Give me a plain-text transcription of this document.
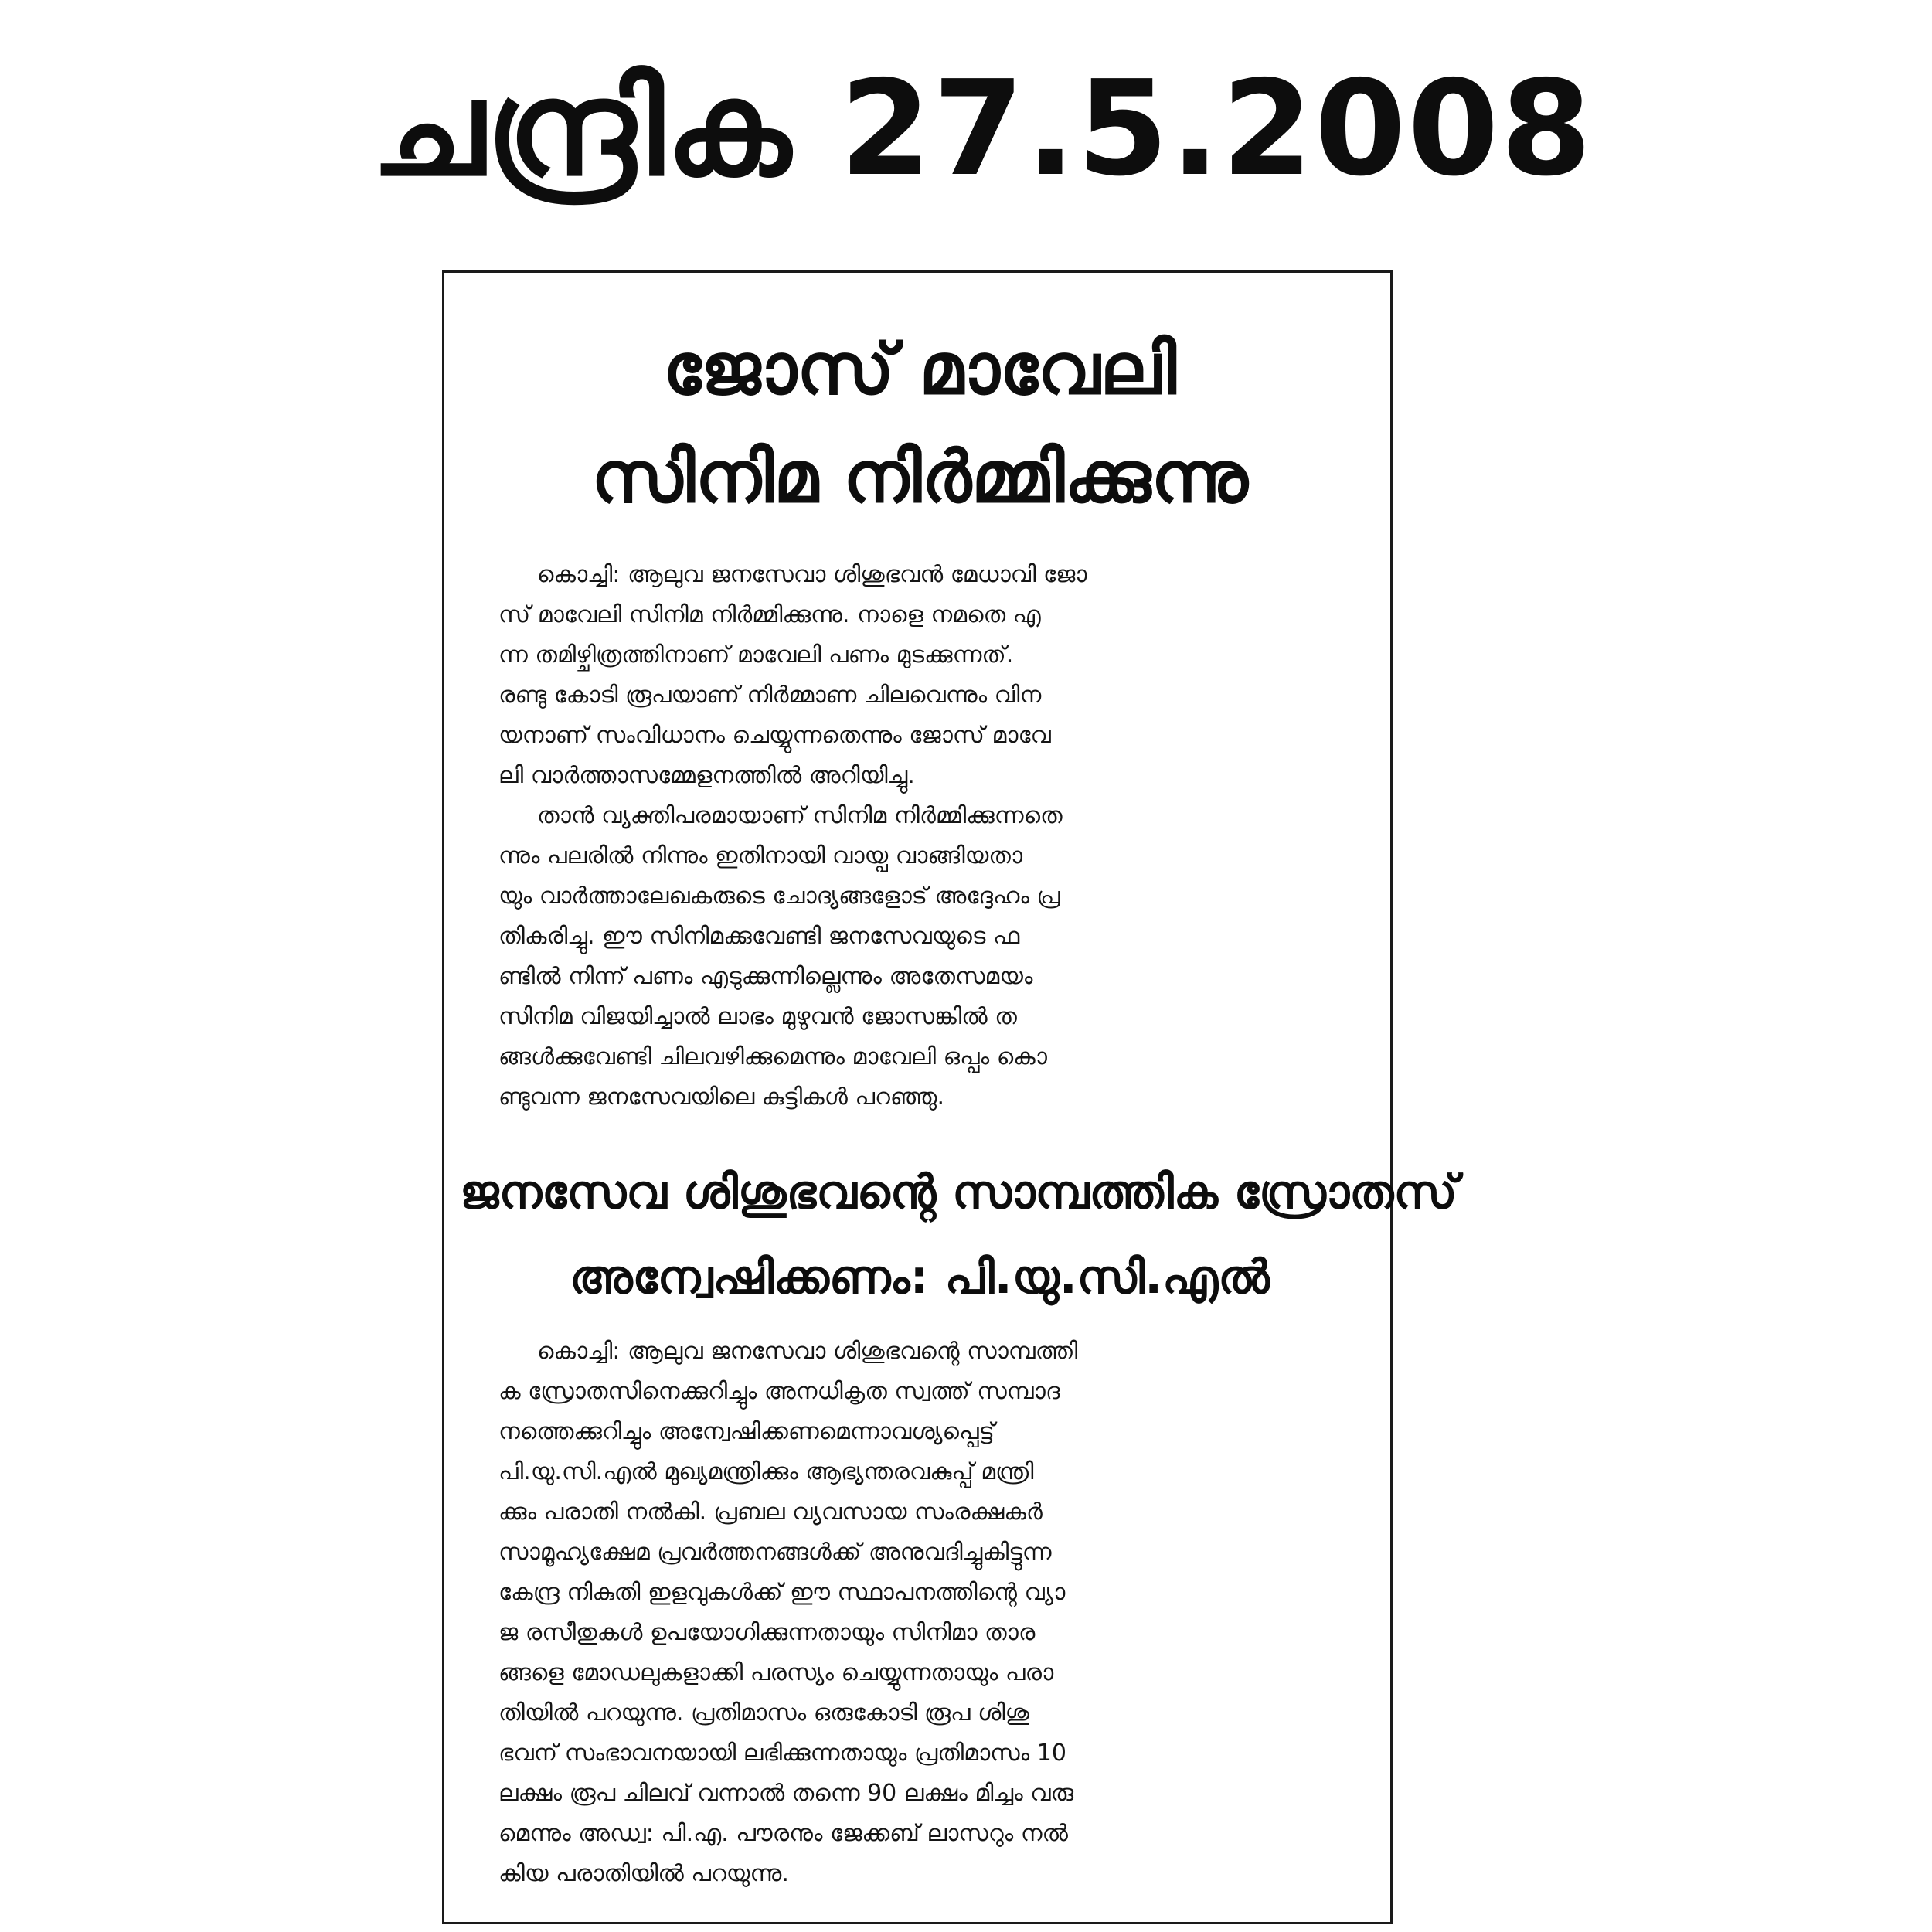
ചന്ദ്രിക 27.5.2008
ജോസ് മാവേലി
സിനിമ നിർമ്മിക്കുന്നു
കൊച്ചി: ആലുവ ജനസേവാ ശിശുഭവൻ മേധാവി ജോ
സ് മാവേലി സിനിമ നിർമ്മിക്കുന്നു. നാളെ നമതെ എ
ന്ന തമിഴ്ചിത്രത്തിനാണ് മാവേലി പണം മുടക്കുന്നത്.
രണ്ടു കോടി രൂപയാണ് നിർമ്മാണ ചിലവെന്നും വിന
യനാണ് സംവിധാനം ചെയ്യുന്നതെന്നും ജോസ് മാവേ
ലി വാർത്താസമ്മേളനത്തിൽ അറിയിച്ചു.
താൻ വ്യക്തിപരമായാണ് സിനിമ നിർമ്മിക്കുന്നതെ
ന്നും പലരിൽ നിന്നും ഇതിനായി വായ്പ വാങ്ങിയതാ
യും വാർത്താലേഖകരുടെ ചോദ്യങ്ങളോട് അദ്ദേഹം പ്ര
തികരിച്ചു. ഈ സിനിമക്കുവേണ്ടി ജനസേവയുടെ ഫ
ണ്ടിൽ നിന്ന് പണം എടുക്കുന്നില്ലെന്നും അതേസമയം
സിനിമ വിജയിച്ചാൽ ലാഭം മുഴുവൻ ജോസങ്കിൽ ത
ങ്ങൾക്കുവേണ്ടി ചിലവഴിക്കുമെന്നും മാവേലി ഒപ്പം കൊ
ണ്ടുവന്ന ജനസേവയിലെ കുട്ടികൾ പറഞ്ഞു.
ജനസേവ ശിശുഭവന്റെ സാമ്പത്തിക സ്രോതസ്
അന്വേഷിക്കണം: പി.യു.സി.എൽ
കൊച്ചി: ആലുവ ജനസേവാ ശിശുഭവന്റെ സാമ്പത്തി
ക സ്രോതസിനെക്കുറിച്ചും അനധികൃത സ്വത്ത് സമ്പാദ
നത്തെക്കുറിച്ചും അന്വേഷിക്കണമെന്നാവശ്യപ്പെട്ട്
പി.യു.സി.എൽ മുഖ്യമന്ത്രിക്കും ആഭ്യന്തരവകുപ്പ് മന്ത്രി
ക്കും പരാതി നൽകി. പ്രബല വ്യവസായ സംരക്ഷകർ
സാമൂഹ്യക്ഷേമ പ്രവർത്തനങ്ങൾക്ക് അനുവദിച്ചുകിട്ടുന്ന
കേന്ദ്ര നികുതി ഇളവുകൾക്ക് ഈ സ്ഥാപനത്തിന്റെ വ്യാ
ജ രസീതുകൾ ഉപയോഗിക്കുന്നതായും സിനിമാ താര
ങ്ങളെ മോഡലുകളാക്കി പരസ്യം ചെയ്യുന്നതായും പരാ
തിയിൽ പറയുന്നു. പ്രതിമാസം ഒരുകോടി രൂപ ശിശു
ഭവന് സംഭാവനയായി ലഭിക്കുന്നതായും പ്രതിമാസം 10
ലക്ഷം രൂപ ചിലവ് വന്നാൽ തന്നെ 90 ലക്ഷം മിച്ചം വരു
മെന്നും അഡ്വ: പി.എ. പൗരനും ജേക്കബ് ലാസറും നൽ
കിയ പരാതിയിൽ പറയുന്നു.
